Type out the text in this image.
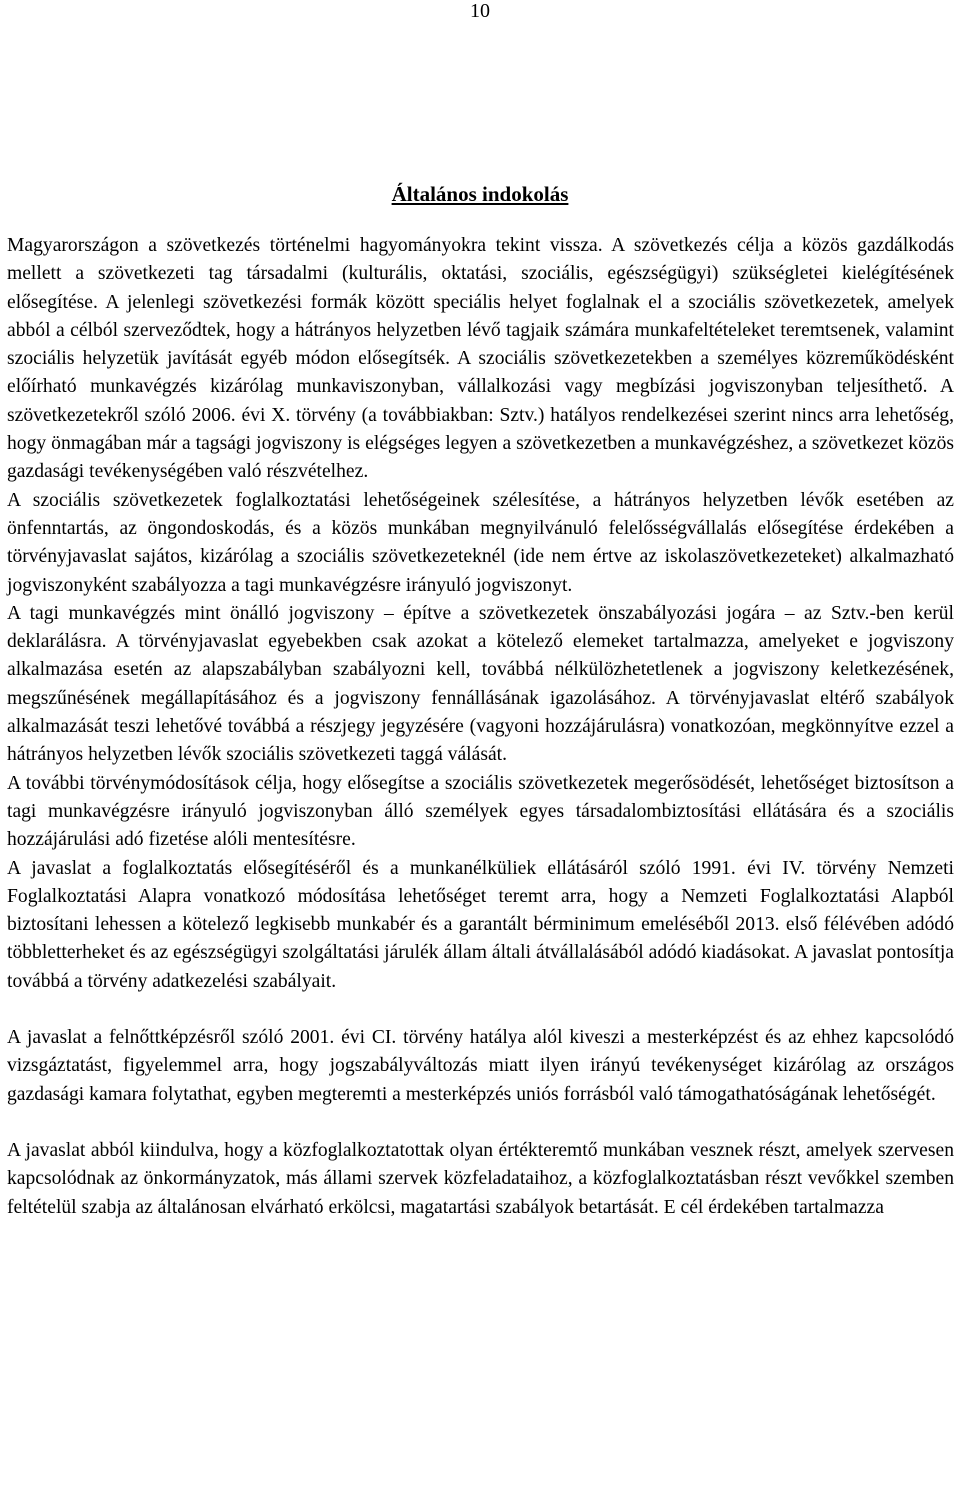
10
Általános indokolás

Magyarországon a szövetkezés történelmi hagyományokra tekint vissza. A szövetkezés célja a közös gazdálkodás mellett a szövetkezeti tag társadalmi (kulturális, oktatási, szociális, egészségügyi) szükségletei kielégítésének elősegítése. A jelenlegi szövetkezési formák között speciális helyet foglalnak el a szociális szövetkezetek, amelyek abból a célból szerveződtek, hogy a hátrányos helyzetben lévő tagjaik számára munkafeltételeket teremtsenek, valamint szociális helyzetük javítását egyéb módon elősegítsék. A szociális szövetkezetekben a személyes közreműködésként előírható munkavégzés kizárólag munkaviszonyban, vállalkozási vagy megbízási jogviszonyban teljesíthető. A szövetkezetekről szóló 2006. évi X. törvény (a továbbiakban: Sztv.) hatályos rendelkezései szerint nincs arra lehetőség, hogy önmagában már a tagsági jogviszony is elégséges legyen a szövetkezetben a munkavégzéshez, a szövetkezet közös gazdasági tevékenységében való részvételhez.

A szociális szövetkezetek foglalkoztatási lehetőségeinek szélesítése, a hátrányos helyzetben lévők esetében az önfenntartás, az öngondoskodás, és a közös munkában megnyilvánuló felelősségvállalás elősegítése érdekében a törvényjavaslat sajátos, kizárólag a szociális szövetkezeteknél (ide nem értve az iskolaszövetkezeteket) alkalmazható jogviszonyként szabályozza a tagi munkavégzésre irányuló jogviszonyt.

A tagi munkavégzés mint önálló jogviszony – építve a szövetkezetek önszabályozási jogára – az Sztv.-ben kerül deklarálásra. A törvényjavaslat egyebekben csak azokat a kötelező elemeket tartalmazza, amelyeket e jogviszony alkalmazása esetén az alapszabályban szabályozni kell, továbbá nélkülözhetetlenek a jogviszony keletkezésének, megszűnésének megállapításához és a jogviszony fennállásának igazolásához. A törvényjavaslat eltérő szabályok alkalmazását teszi lehetővé továbbá a részjegy jegyzésére (vagyoni hozzájárulásra) vonatkozóan, megkönnyítve ezzel a hátrányos helyzetben lévők szociális szövetkezeti taggá válását.

A további törvénymódosítások célja, hogy elősegítse a szociális szövetkezetek megerősödését, lehetőséget biztosítson a tagi munkavégzésre irányuló jogviszonyban álló személyek egyes társadalombiztosítási ellátására és a szociális hozzájárulási adó fizetése alóli mentesítésre.

A javaslat a foglalkoztatás elősegítéséről és a munkanélküliek ellátásáról szóló 1991. évi IV. törvény Nemzeti Foglalkoztatási Alapra vonatkozó módosítása lehetőséget teremt arra, hogy a Nemzeti Foglalkoztatási Alapból biztosítani lehessen a kötelező legkisebb munkabér és a garantált bérminimum emeléséből 2013. első félévében adódó többletterheket és az egészségügyi szolgáltatási járulék állam általi átvállalásából adódó kiadásokat. A javaslat pontosítja továbbá a törvény adatkezelési szabályait.

A javaslat a felnőttképzésről szóló 2001. évi CI. törvény hatálya alól kiveszi a mesterképzést és az ehhez kapcsolódó vizsgáztatást, figyelemmel arra, hogy jogszabályváltozás miatt ilyen irányú tevékenységet kizárólag az országos gazdasági kamara folytathat, egyben megteremti a mesterképzés uniós forrásból való támogathatóságának lehetőségét.

A javaslat abból kiindulva, hogy a közfoglalkoztatottak olyan értékteremtő munkában vesznek részt, amelyek szervesen kapcsolódnak az önkormányzatok, más állami szervek közfeladataihoz, a közfoglalkoztatásban részt vevőkkel szemben feltételül szabja az általánosan elvárható erkölcsi, magatartási szabályok betartását. E cél érdekében tartalmazza
